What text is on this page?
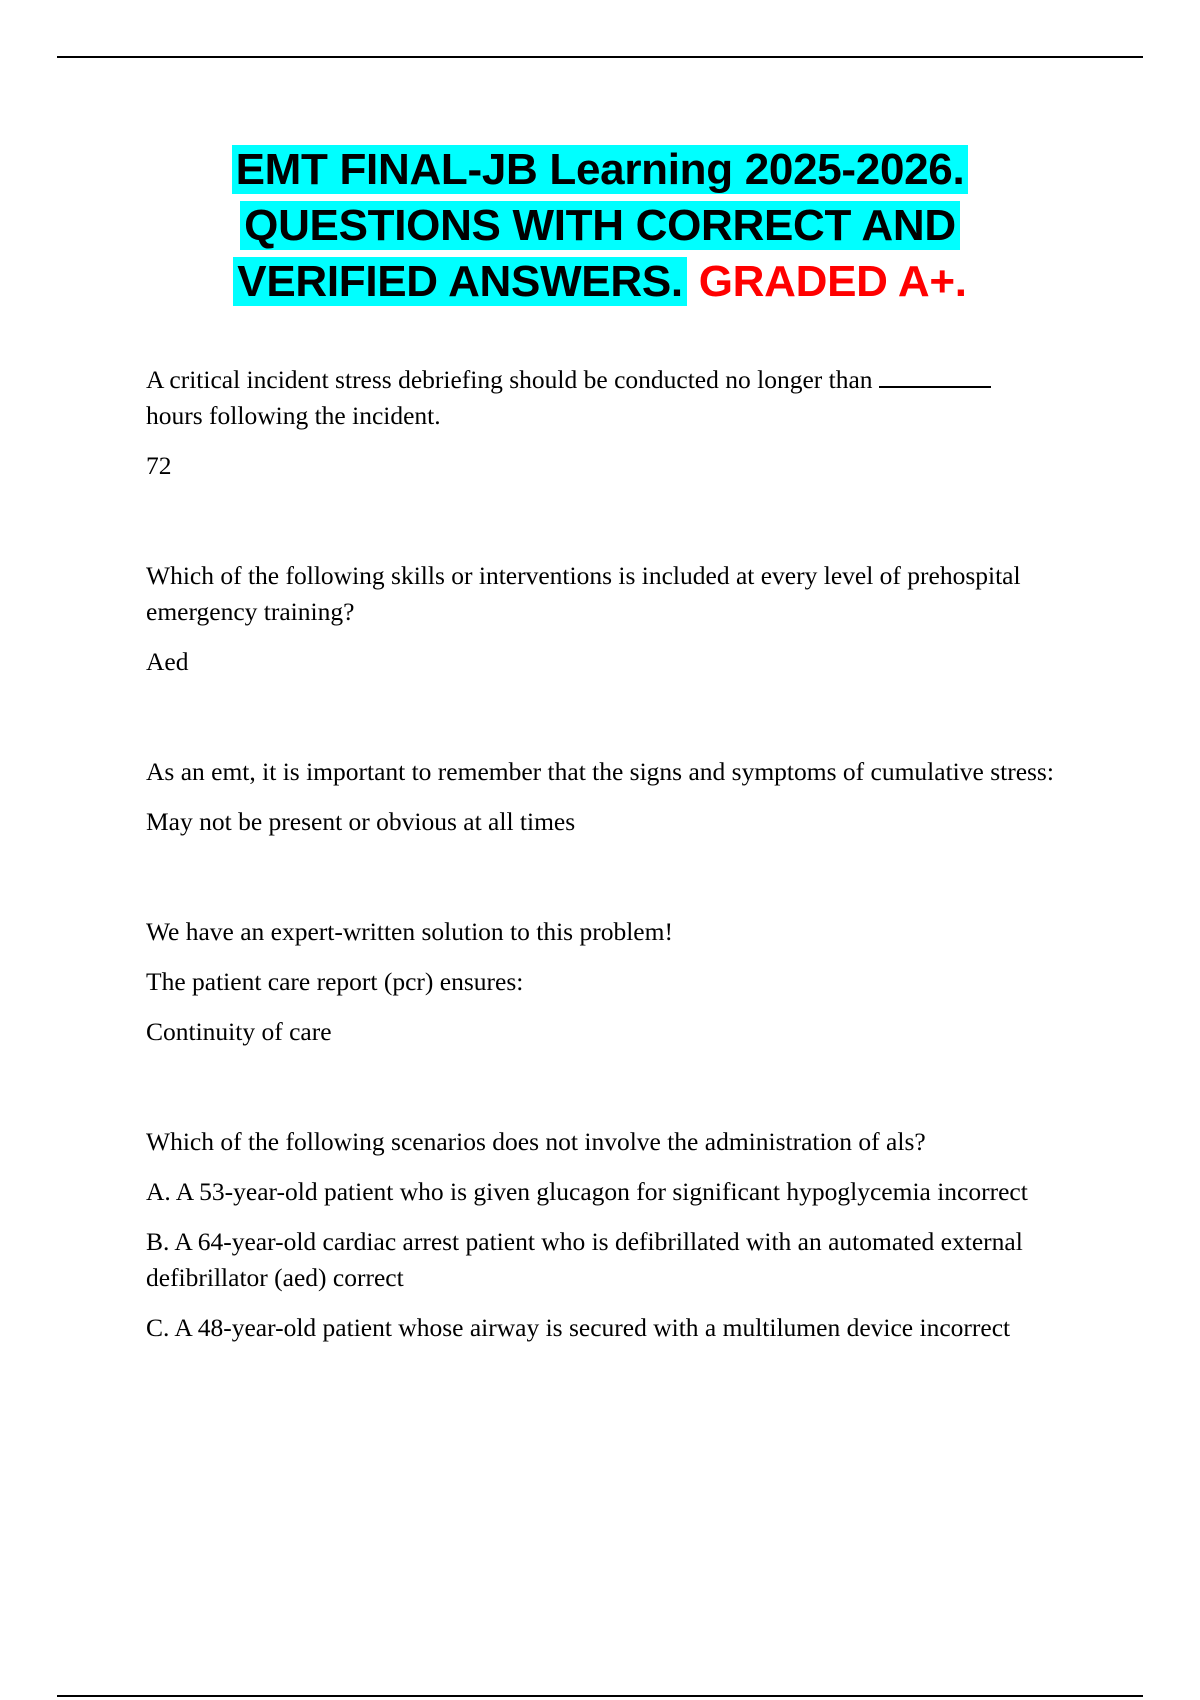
EMT FINAL-JB Learning 2025-2026.
QUESTIONS WITH CORRECT AND
VERIFIED ANSWERS. GRADED A+.

A critical incident stress debriefing should be conducted no longer than
hours following the incident.

72

Which of the following skills or interventions is included at every level of prehospital emergency training?

Aed

As an emt, it is important to remember that the signs and symptoms of cumulative stress:

May not be present or obvious at all times

We have an expert-written solution to this problem!

The patient care report (pcr) ensures:

Continuity of care

Which of the following scenarios does not involve the administration of als?

A. A 53-year-old patient who is given glucagon for significant hypoglycemia incorrect

B. A 64-year-old cardiac arrest patient who is defibrillated with an automated external defibrillator (aed) correct

C. A 48-year-old patient whose airway is secured with a multilumen device incorrect
